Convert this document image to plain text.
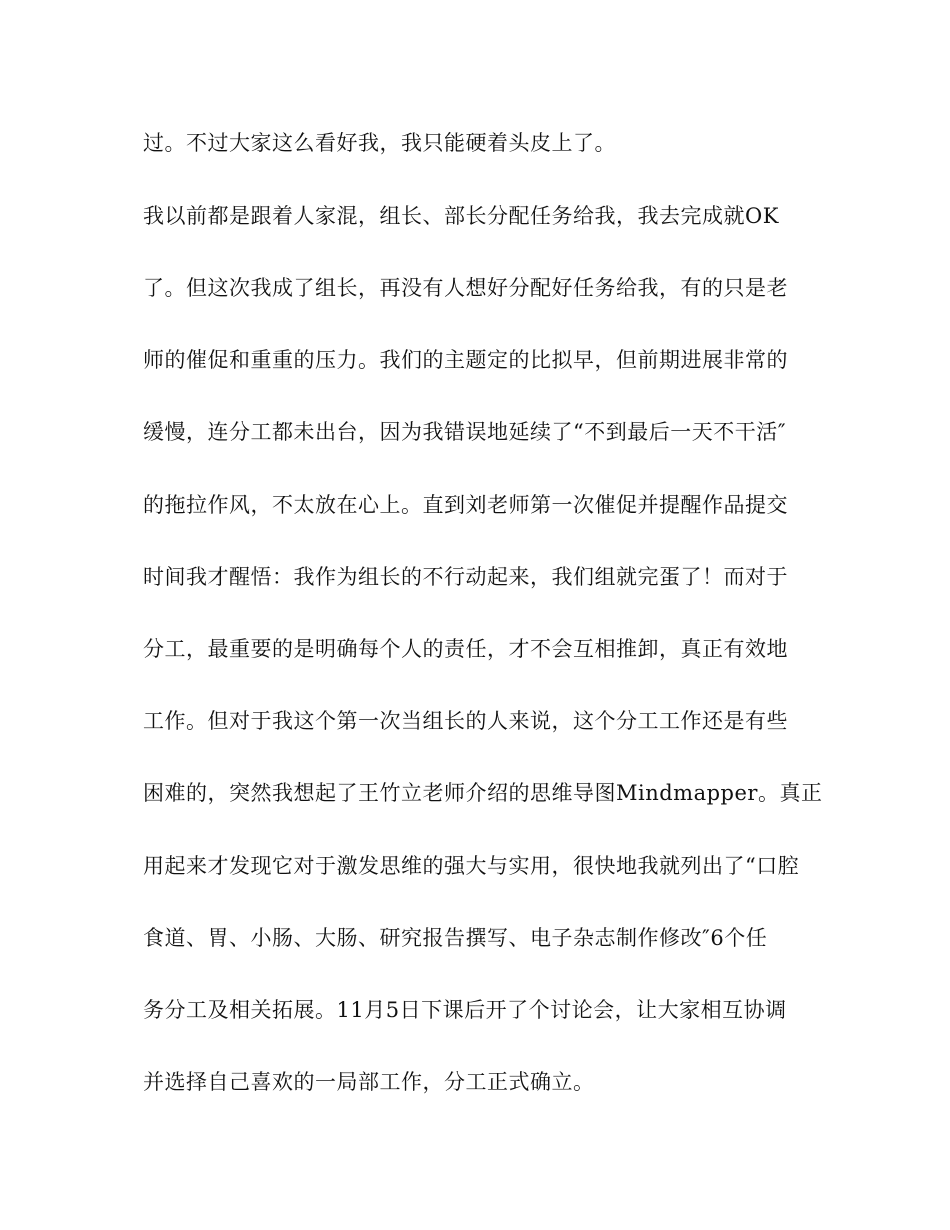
过。不过大家这么看好我，我只能硬着头皮上了。
我以前都是跟着人家混，组长、部长分配任务给我，我去完成就OK
了。但这次我成了组长，再没有人想好分配好任务给我，有的只是老
师的催促和重重的压力。我们的主题定的比拟早，但前期进展非常的
缓慢，连分工都未出台，因为我错误地延续了“不到最后一天不干活″
的拖拉作风，不太放在心上。直到刘老师第一次催促并提醒作品提交
时间我才醒悟：我作为组长的不行动起来，我们组就完蛋了！而对于
分工，最重要的是明确每个人的责任，才不会互相推卸，真正有效地
工作。但对于我这个第一次当组长的人来说，这个分工工作还是有些
困难的，突然我想起了王竹立老师介绍的思维导图Mindmapper。真正
用起来才发现它对于激发思维的强大与实用，很快地我就列出了“口腔
食道、胃、小肠、大肠、研究报告撰写、电子杂志制作修改″6个任
务分工及相关拓展。11月5日下课后开了个讨论会，让大家相互协调
并选择自己喜欢的一局部工作，分工正式确立。
